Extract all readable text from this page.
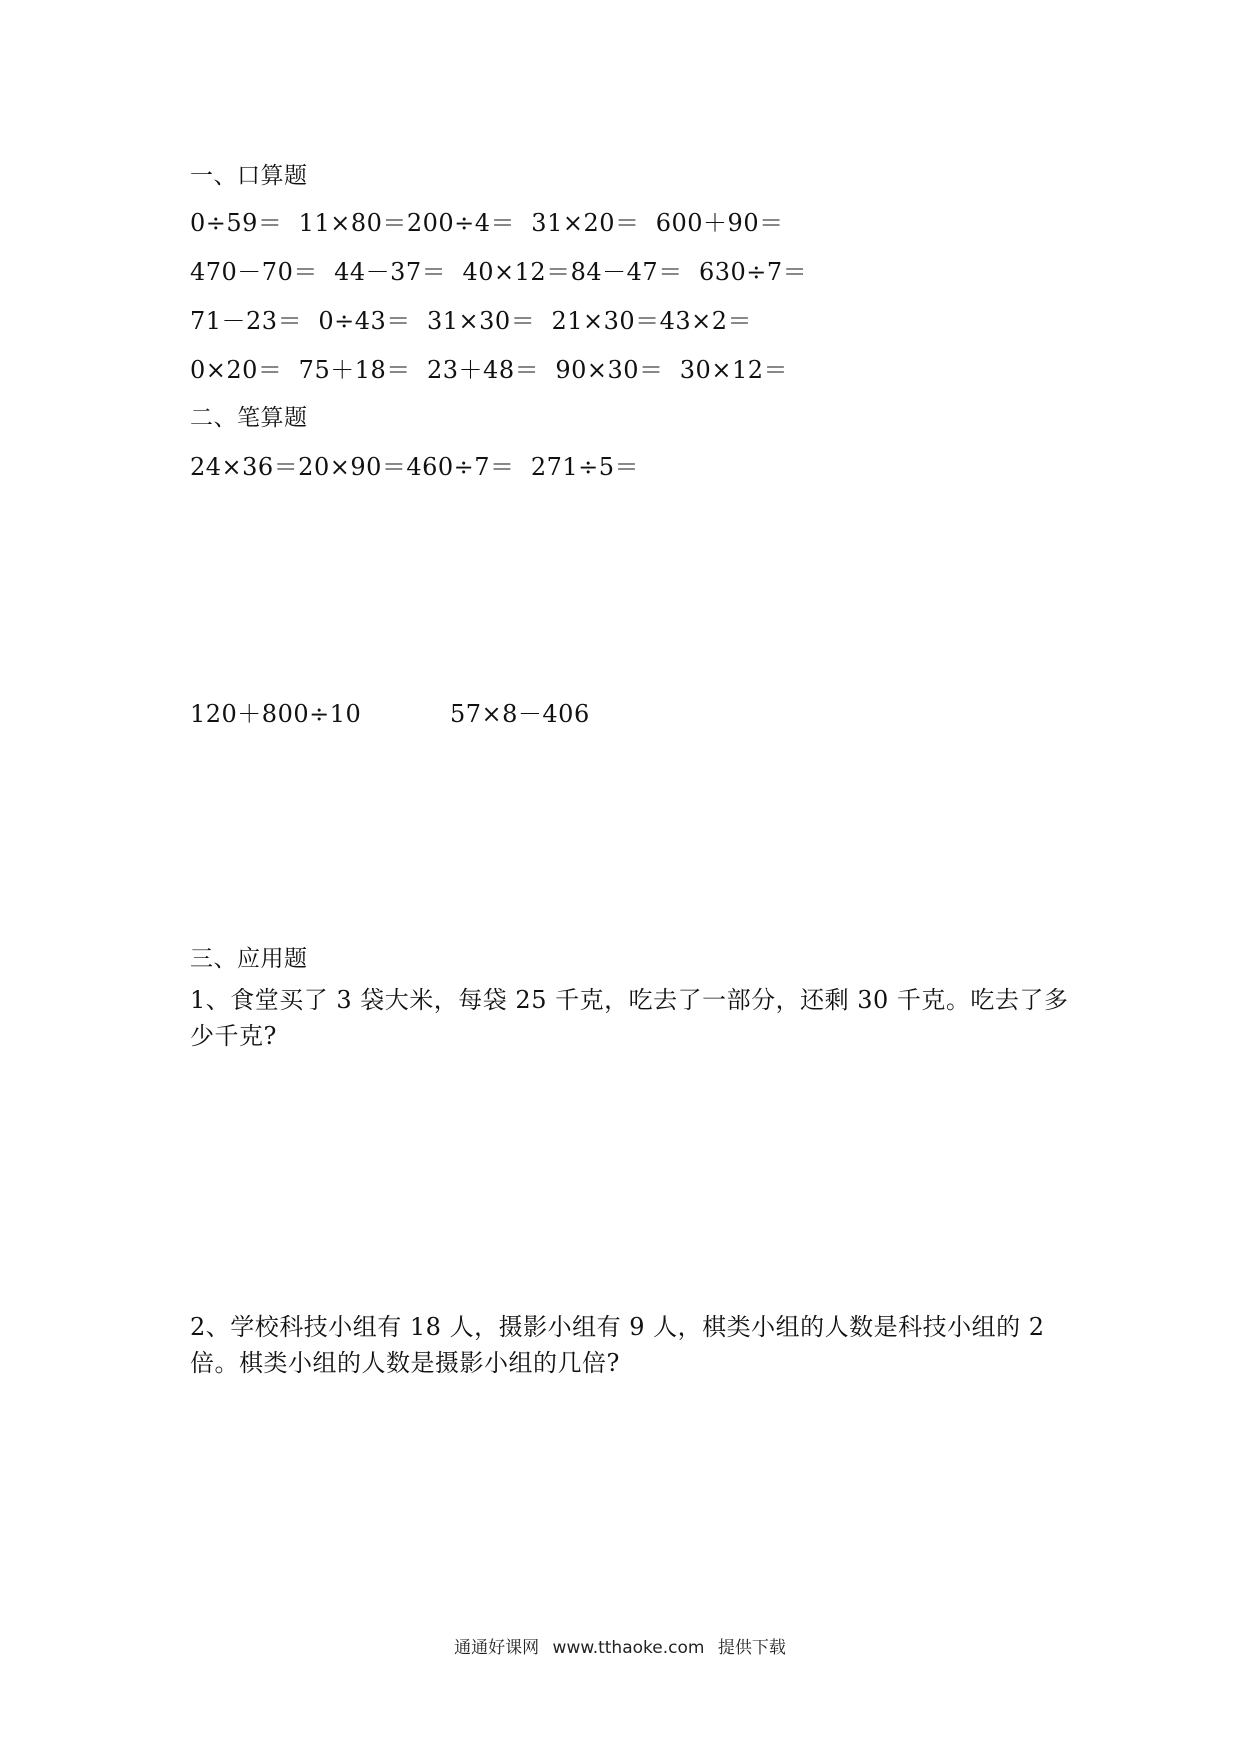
一、口算题
0÷59＝  11×80＝200÷4＝  31×20＝  600＋90＝
470－70＝  44－37＝  40×12＝84－47＝  630÷7＝
71－23＝  0÷43＝  31×30＝  21×30＝43×2＝
0×20＝  75＋18＝  23＋48＝  90×30＝  30×12＝
二、笔算题
24×36＝20×90＝460÷7＝  271÷5＝
120＋800÷10	57×8－406
三、应用题
1、食堂买了 3 袋大米，每袋 25 千克，吃去了一部分，还剩 30 千克。吃去了多少千克?
2、学校科技小组有 18 人，摄影小组有 9 人，棋类小组的人数是科技小组的 2 倍。棋类小组的人数是摄影小组的几倍?
通通好课网 www.tthaoke.com 提供下载
